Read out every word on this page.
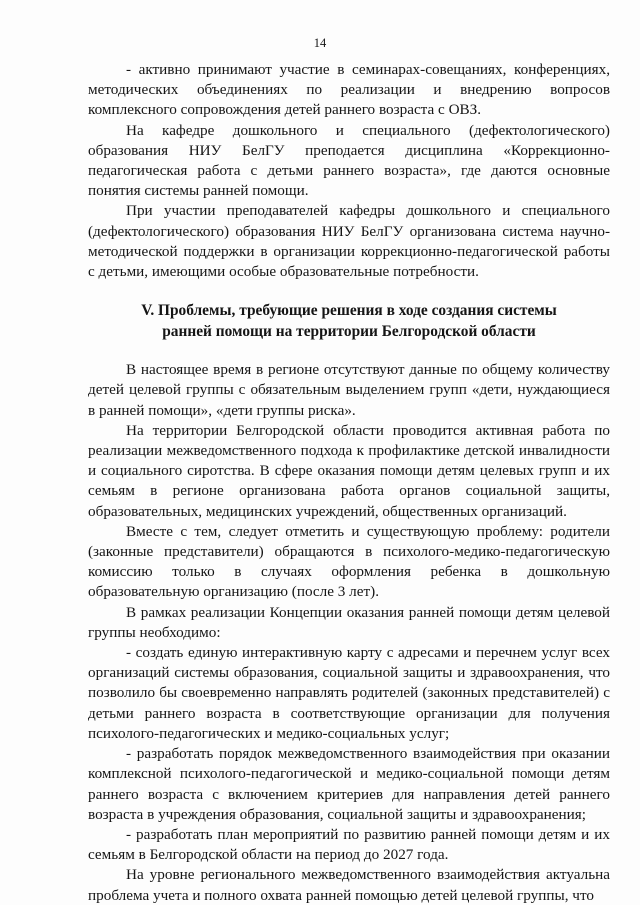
14

- активно принимают участие в семинарах-совещаниях, конференциях, методических объединениях по реализации и внедрению вопросов комплексного сопровождения детей раннего возраста с ОВЗ.

На кафедре дошкольного и специального (дефектологического) образования НИУ БелГУ преподается дисциплина «Коррекционно-педагогическая работа с детьми раннего возраста», где даются основные понятия системы ранней помощи.

При участии преподавателей кафедры дошкольного и специального (дефектологического) образования НИУ БелГУ организована система научно-методической поддержки в организации коррекционно-педагогической работы с детьми, имеющими особые образовательные потребности.

V. Проблемы, требующие решения в ходе создания системы
ранней помощи на территории Белгородской области

В настоящее время в регионе отсутствуют данные по общему количеству детей целевой группы с обязательным выделением групп «дети, нуждающиеся в ранней помощи», «дети группы риска».

На территории Белгородской области проводится активная работа по реализации межведомственного подхода к профилактике детской инвалидности и социального сиротства. В сфере оказания помощи детям целевых групп и их семьям в регионе организована работа органов социальной защиты, образовательных, медицинских учреждений, общественных организаций.

Вместе с тем, следует отметить и существующую проблему: родители (законные представители) обращаются в психолого-медико-педагогическую комиссию только в случаях оформления ребенка в дошкольную образовательную организацию (после 3 лет).

В рамках реализации Концепции оказания ранней помощи детям целевой группы необходимо:

- создать единую интерактивную карту с адресами и перечнем услуг всех организаций системы образования, социальной защиты и здравоохранения, что позволило бы своевременно направлять родителей (законных представителей) с детьми раннего возраста в соответствующие организации для получения психолого-педагогических и медико-социальных услуг;

- разработать порядок межведомственного взаимодействия при оказании комплексной психолого-педагогической и медико-социальной помощи детям раннего возраста с включением критериев для направления детей раннего возраста в учреждения образования, социальной защиты и здравоохранения;

- разработать план мероприятий по развитию ранней помощи детям и их семьям в Белгородской области на период до 2027 года.

На уровне регионального межведомственного взаимодействия актуальна проблема учета и полного охвата ранней помощью детей целевой группы, что
